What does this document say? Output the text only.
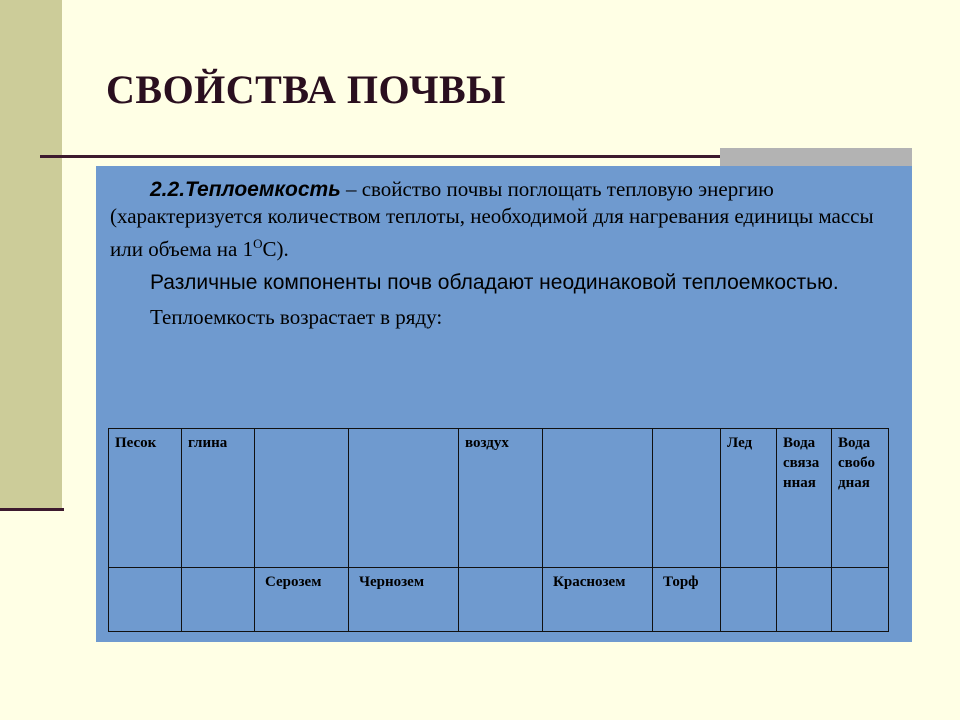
СВОЙСТВА ПОЧВЫ

2.2.Теплоемкость – свойство почвы поглощать тепловую энергию (характеризуется количеством теплоты, необходимой для нагревания единицы массы или объема на $1^ОС$).

Различные компоненты почв обладают неодинаковой теплоемкостью.

Теплоемкость возрастает в ряду:

Песок	глина			воздух			Лед	Вода связанная	Вода свободная
		Серозем	Чернозем		Краснозем	Торф			
